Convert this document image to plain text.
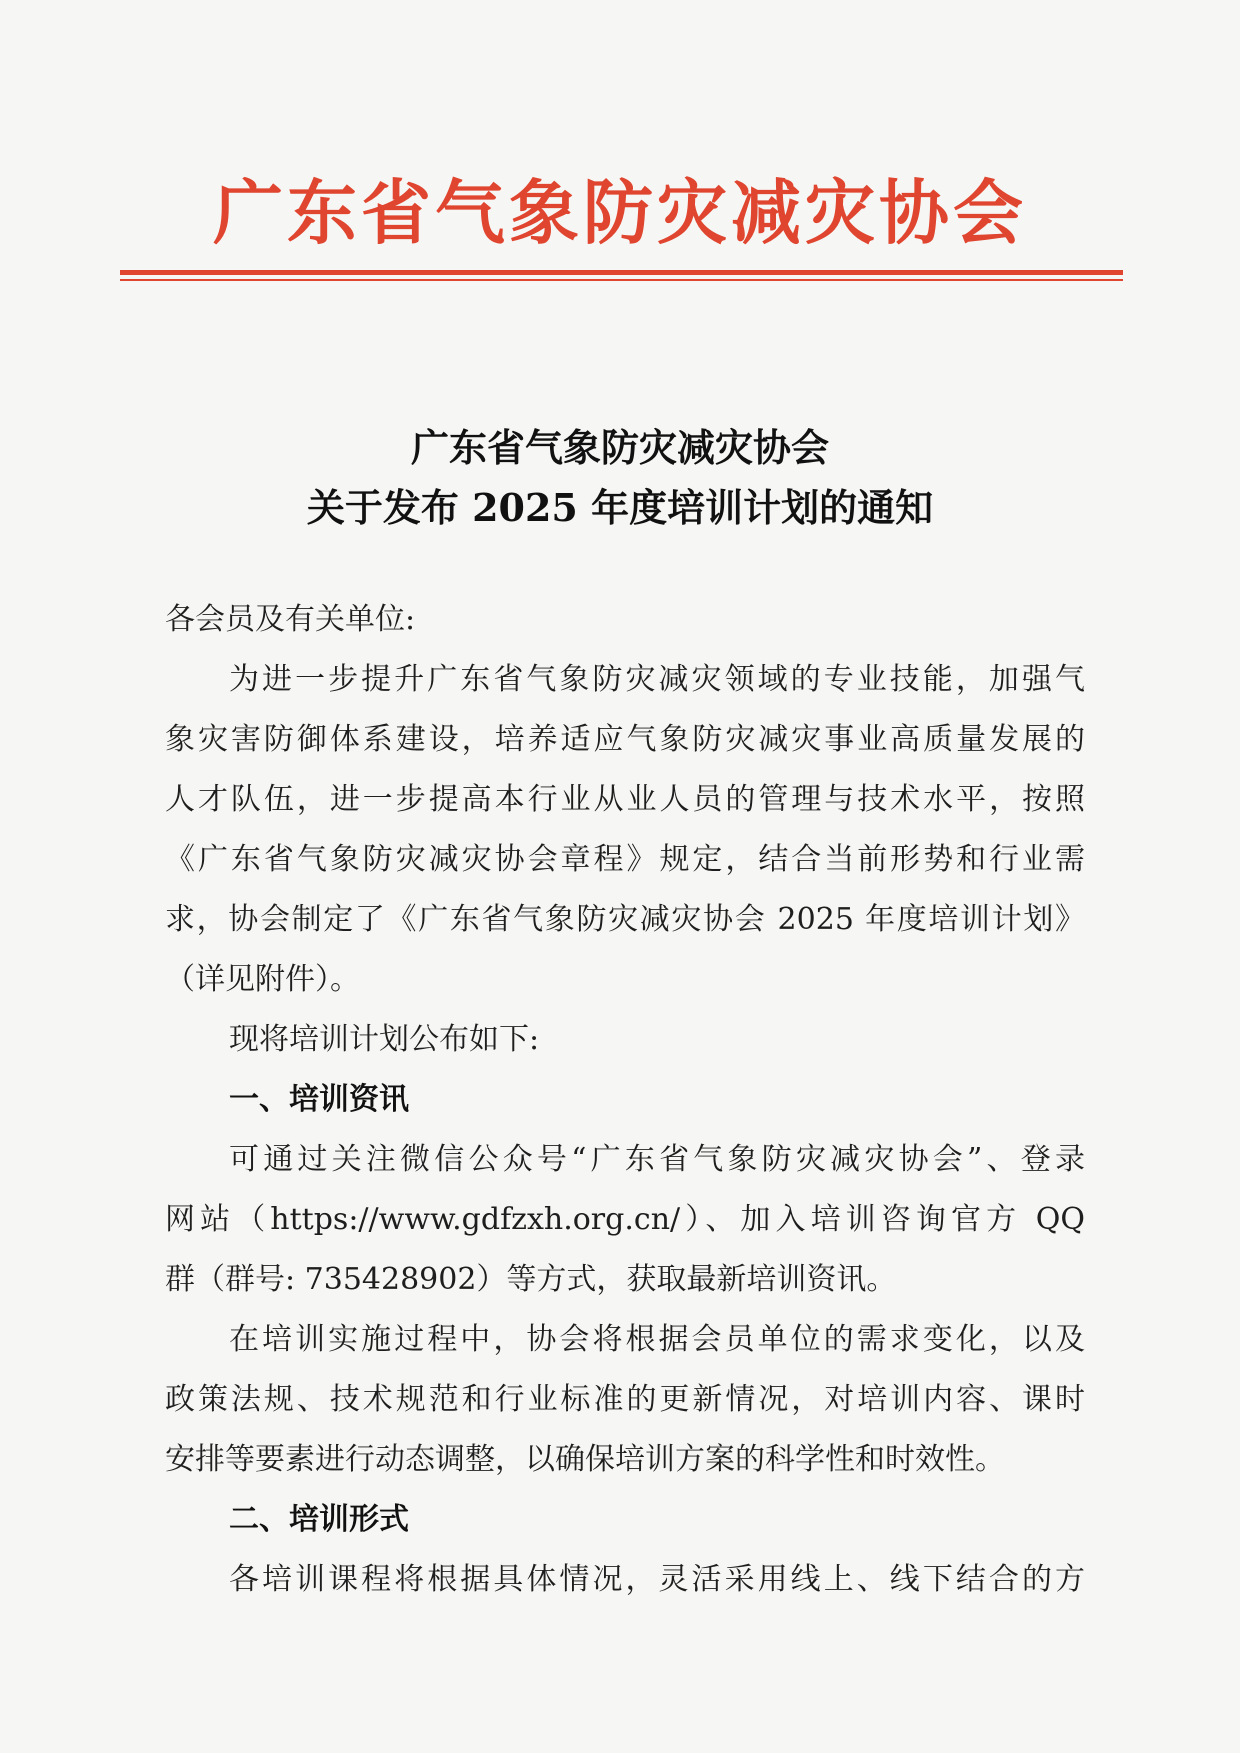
广东省气象防灾减灾协会
广东省气象防灾减灾协会
关于发布 2025 年度培训计划的通知
各会员及有关单位:
为进一步提升广东省气象防灾减灾领域的专业技能，加强气
象灾害防御体系建设，培养适应气象防灾减灾事业高质量发展的
人才队伍，进一步提高本行业从业人员的管理与技术水平，按照
《广东省气象防灾减灾协会章程》规定，结合当前形势和行业需
求，协会制定了《广东省气象防灾减灾协会 2025 年度培训计划》
（详见附件）。
现将培训计划公布如下:
一、培训资讯
可通过关注微信公众号“广东省气象防灾减灾协会”、登录
网站（https://www.gdfzxh.org.cn/）、加入培训咨询官方 QQ
群（群号: 735428902）等方式，获取最新培训资讯。
在培训实施过程中，协会将根据会员单位的需求变化，以及
政策法规、技术规范和行业标准的更新情况，对培训内容、课时
安排等要素进行动态调整，以确保培训方案的科学性和时效性。
二、培训形式
各培训课程将根据具体情况，灵活采用线上、线下结合的方
